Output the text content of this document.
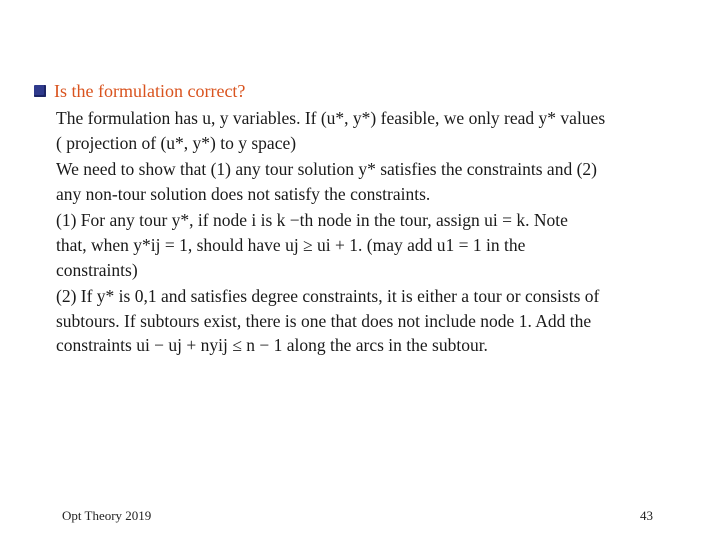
Is the formulation correct?
The formulation has u, y variables. If (u*, y*) feasible, we only read y* values
( projection of (u*, y*) to y space)
We need to show that (1) any tour solution y* satisfies the constraints and (2)
any non-tour solution does not satisfy the constraints.
(1) For any tour y*, if node i is k −th node in the tour, assign ui = k. Note
that, when y*ij = 1, should have uj ≥ ui + 1. (may add u1 = 1 in the
constraints)
(2) If y* is 0,1 and satisfies degree constraints, it is either a tour or consists of
subtours. If subtours exist, there is one that does not include node 1. Add the
constraints ui − uj + nyij ≤ n − 1 along the arcs in the subtour.
Opt Theory 2019	43
